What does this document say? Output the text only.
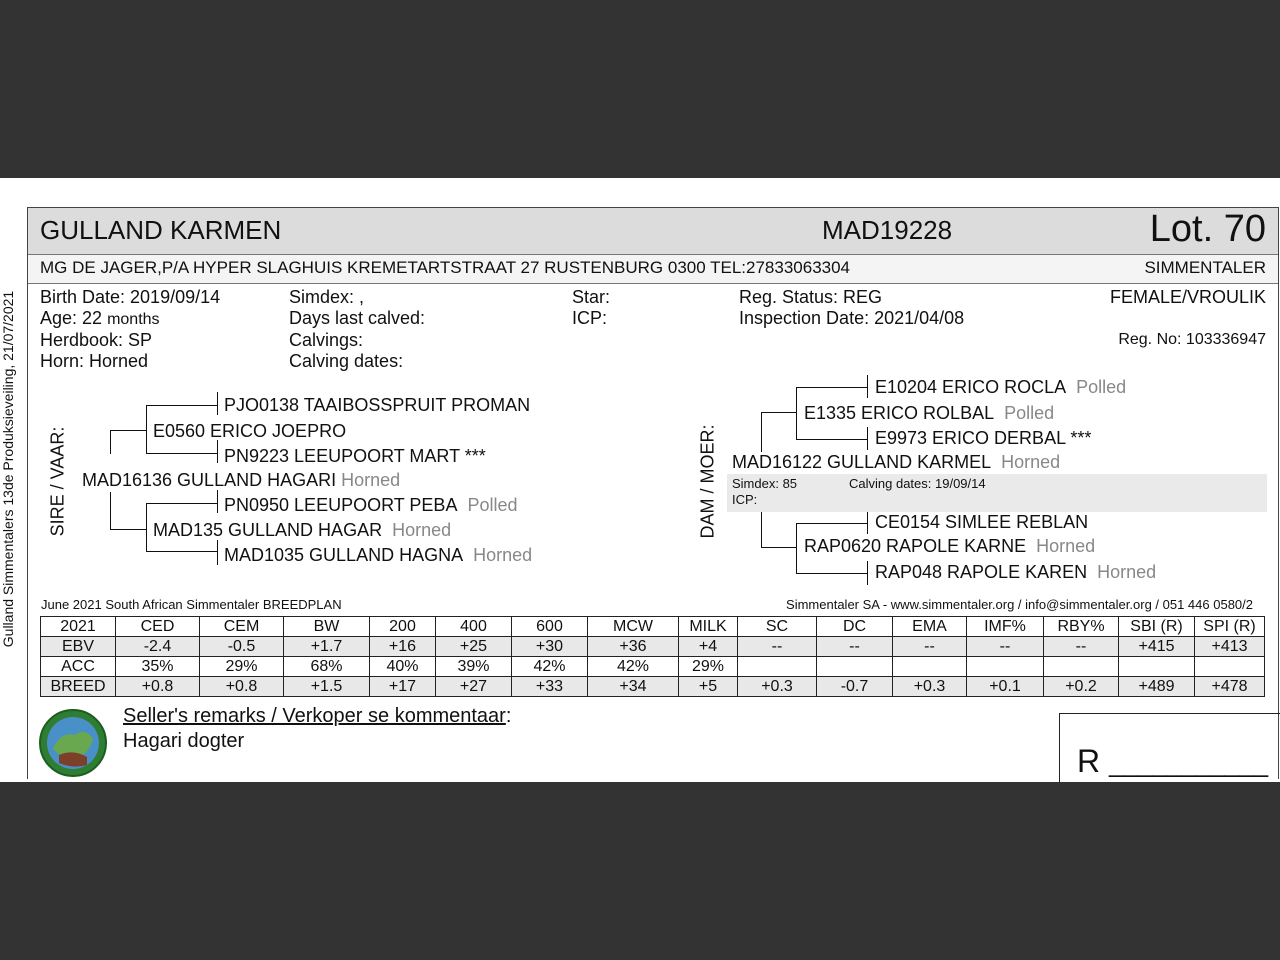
Gulland Simmentalers 13de Produksieveiling, 21/07/2021
GULLAND KARMEN	MAD19228	Lot. 70
MG DE JAGER,P/A HYPER SLAGHUIS KREMETARTSTRAAT 27 RUSTENBURG 0300 TEL:27833063304	SIMMENTALER
Birth Date: 2019/09/14
Age: 22 months
Herdbook: SP
Horn: Horned
Simdex: ,
Days last calved:
Calvings:
Calving dates:
Star:
ICP:
Reg. Status: REG
Inspection Date: 2021/04/08
FEMALE/VROULIK
Reg. No: 103336947
SIRE / VAAR:
PJO0138 TAAIBOSSPRUIT PROMAN
E0560 ERICO JOEPRO
PN9223 LEEUPOORT MART ***
MAD16136 GULLAND HAGARI Horned
PN0950 LEEUPOORT PEBA Polled
MAD135 GULLAND HAGAR Horned
MAD1035 GULLAND HAGNA Horned
DAM / MOER:
E10204 ERICO ROCLA Polled
E1335 ERICO ROLBAL Polled
E9973 ERICO DERBAL ***
MAD16122 GULLAND KARMEL Horned
Simdex: 85	Calving dates: 19/09/14
ICP:
CE0154 SIMLEE REBLAN
RAP0620 RAPOLE KARNE Horned
RAP048 RAPOLE KAREN Horned
June 2021 South African Simmentaler BREEDPLAN	Simmentaler SA - www.simmentaler.org / info@simmentaler.org / 051 446 0580/2
2021	CED	CEM	BW	200	400	600	MCW	MILK	SC	DC	EMA	IMF%	RBY%	SBI (R)	SPI (R)
EBV	-2.4	-0.5	+1.7	+16	+25	+30	+36	+4	--	--	--	--	--	+415	+413
ACC	35%	29%	68%	40%	39%	42%	42%	29%							
BREED	+0.8	+0.8	+1.5	+17	+27	+33	+34	+5	+0.3	-0.7	+0.3	+0.1	+0.2	+489	+478
Seller's remarks / Verkoper se kommentaar:
Hagari dogter
R ___________
